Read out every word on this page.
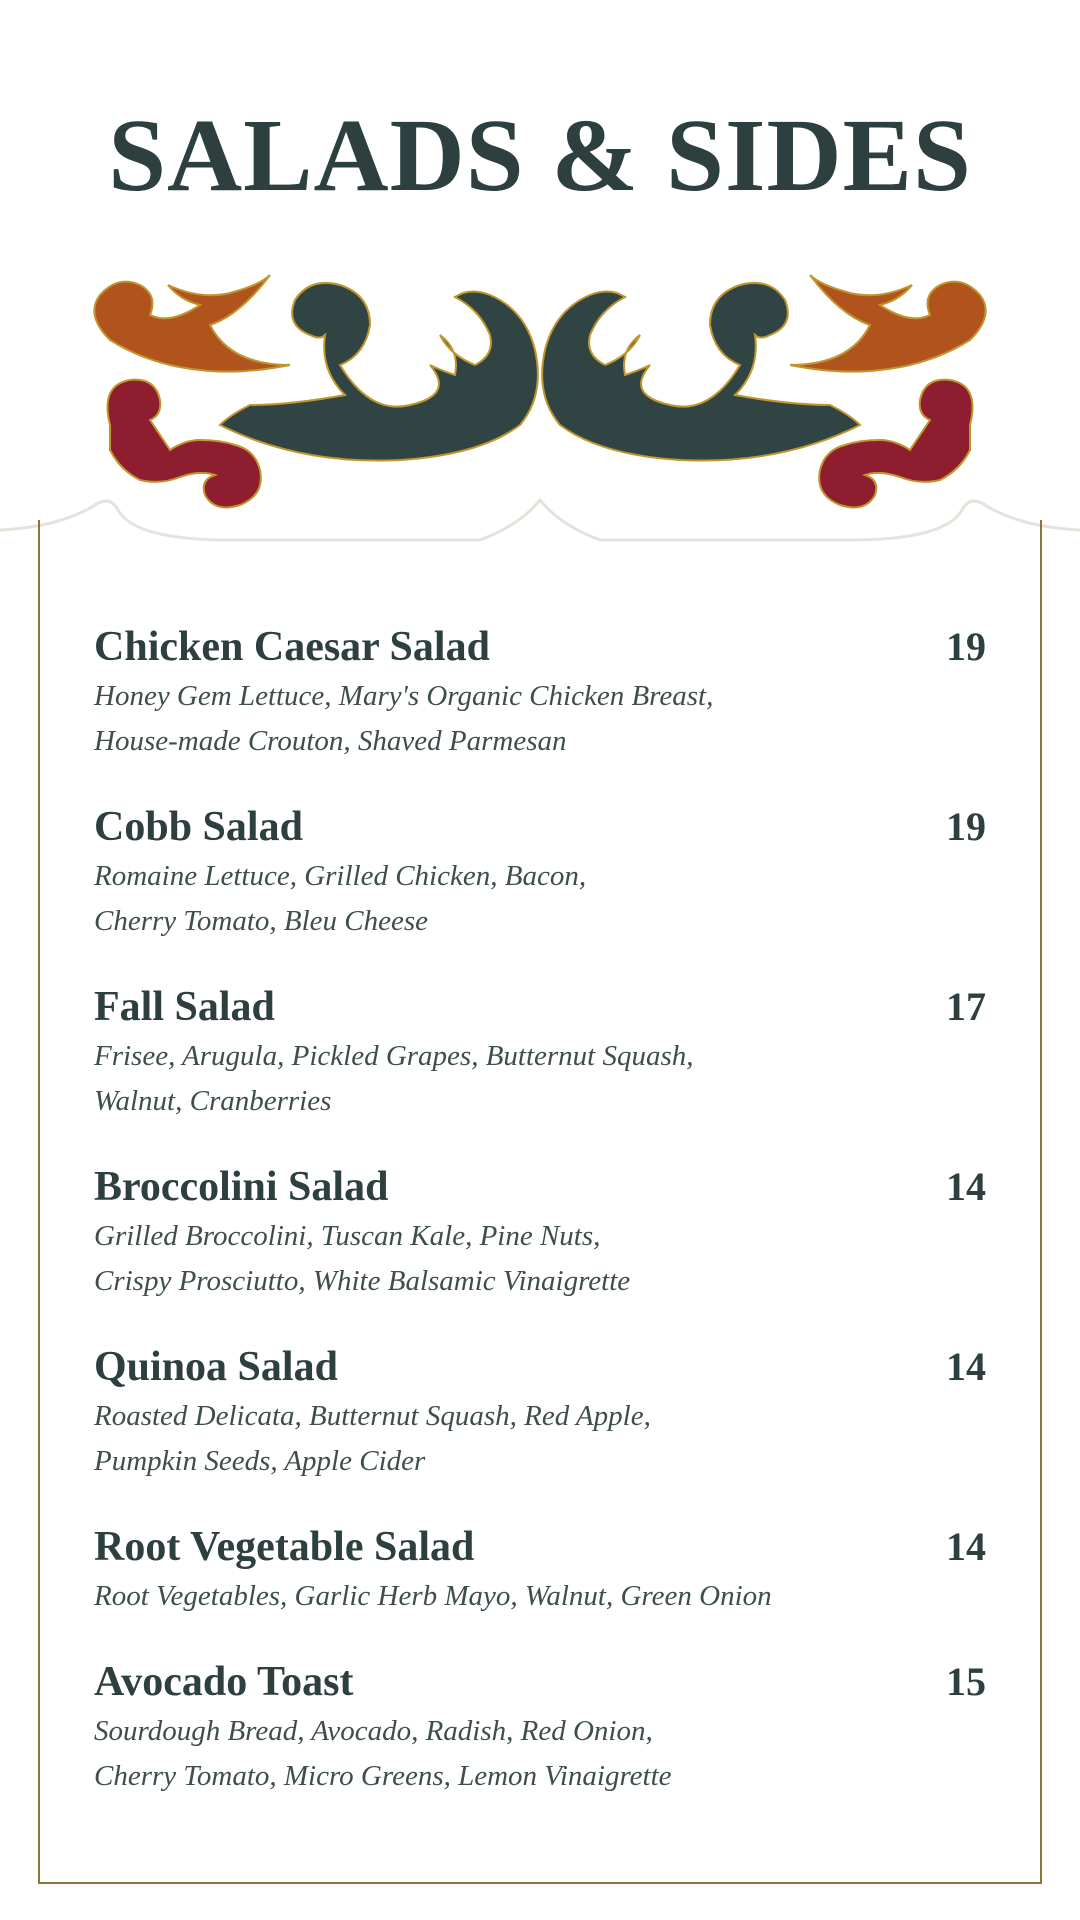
SALADS & SIDES
Chicken Caesar Salad	19
Honey Gem Lettuce, Mary's Organic Chicken Breast,
House-made Crouton, Shaved Parmesan
Cobb Salad	19
Romaine Lettuce, Grilled Chicken, Bacon,
Cherry Tomato, Bleu Cheese
Fall Salad	17
Frisee, Arugula, Pickled Grapes, Butternut Squash,
Walnut, Cranberries
Broccolini Salad	14
Grilled Broccolini, Tuscan Kale, Pine Nuts,
Crispy Prosciutto, White Balsamic Vinaigrette
Quinoa Salad	14
Roasted Delicata, Butternut Squash, Red Apple,
Pumpkin Seeds, Apple Cider
Root Vegetable Salad	14
Root Vegetables, Garlic Herb Mayo, Walnut, Green Onion
Avocado Toast	15
Sourdough Bread, Avocado, Radish, Red Onion,
Cherry Tomato, Micro Greens, Lemon Vinaigrette
